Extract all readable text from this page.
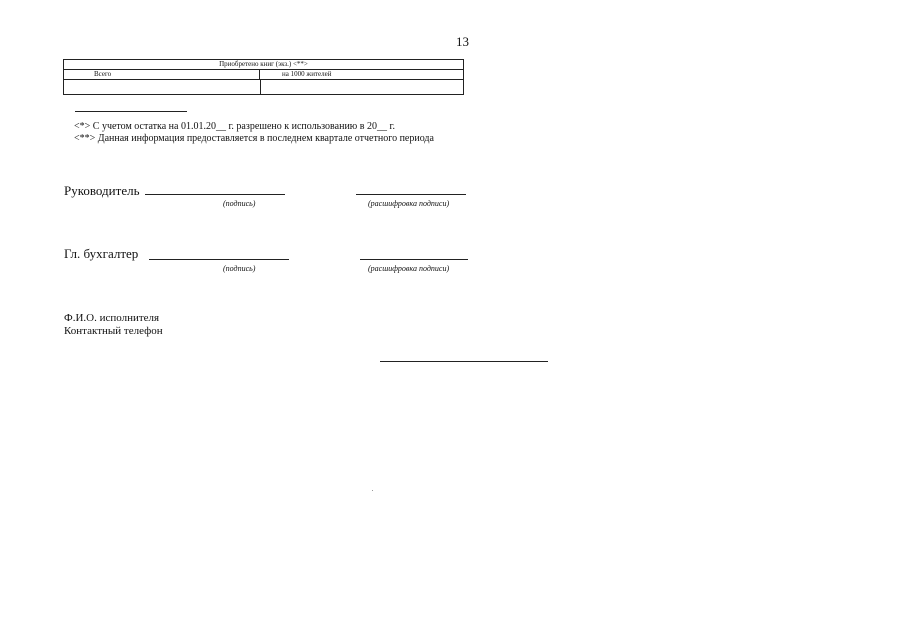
13
Приобретено книг (экз.) <**>
Всего	на 1000 жителей
<*> С учетом остатка на 01.01.20__ г. разрешено к использованию в 20__ г.
<**> Данная информация предоставляется в последнем квартале отчетного периода
Руководитель
(подпись)	(расшифровка подписи)
Гл. бухгалтер
(подпись)	(расшифровка подписи)
Ф.И.О. исполнителя
Контактный телефон
